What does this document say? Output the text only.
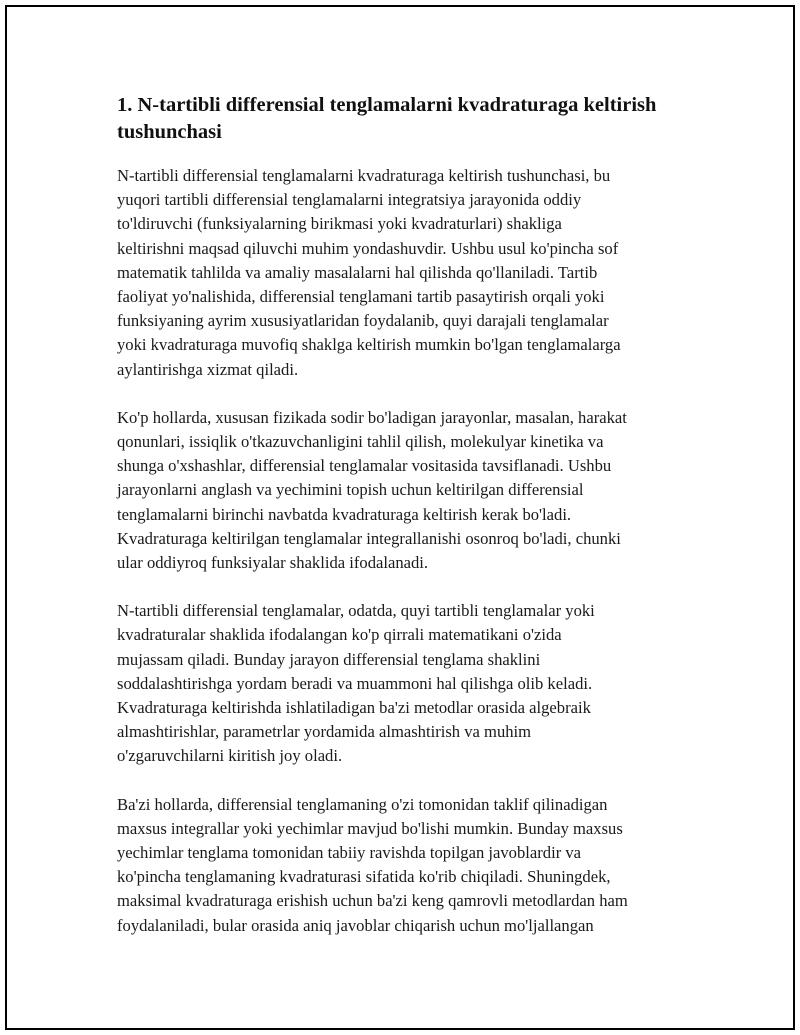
1. N-tartibli differensial tenglamalarni kvadraturaga keltirish tushunchasi

N-tartibli differensial tenglamalarni kvadraturaga keltirish tushunchasi, bu
yuqori tartibli differensial tenglamalarni integratsiya jarayonida oddiy
to'ldiruvchi (funksiyalarning birikmasi yoki kvadraturlari) shakliga
keltirishni maqsad qiluvchi muhim yondashuvdir. Ushbu usul ko'pincha sof
matematik tahlilda va amaliy masalalarni hal qilishda qo'llaniladi. Tartib
faoliyat yo'nalishida, differensial tenglamani tartib pasaytirish orqali yoki
funksiyaning ayrim xususiyatlaridan foydalanib, quyi darajali tenglamalar
yoki kvadraturaga muvofiq shaklga keltirish mumkin bo'lgan tenglamalarga
aylantirishga xizmat qiladi.

Ko'p hollarda, xususan fizikada sodir bo'ladigan jarayonlar, masalan, harakat
qonunlari, issiqlik o'tkazuvchanligini tahlil qilish, molekulyar kinetika va
shunga o'xshashlar, differensial tenglamalar vositasida tavsiflanadi. Ushbu
jarayonlarni anglash va yechimini topish uchun keltirilgan differensial
tenglamalarni birinchi navbatda kvadraturaga keltirish kerak bo'ladi.
Kvadraturaga keltirilgan tenglamalar integrallanishi osonroq bo'ladi, chunki
ular oddiyroq funksiyalar shaklida ifodalanadi.

N-tartibli differensial tenglamalar, odatda, quyi tartibli tenglamalar yoki
kvadraturalar shaklida ifodalangan ko'p qirrali matematikani o'zida
mujassam qiladi. Bunday jarayon differensial tenglama shaklini
soddalashtirishga yordam beradi va muammoni hal qilishga olib keladi.
Kvadraturaga keltirishda ishlatiladigan ba'zi metodlar orasida algebraik
almashtirishlar, parametrlar yordamida almashtirish va muhim
o'zgaruvchilarni kiritish joy oladi.

Ba'zi hollarda, differensial tenglamaning o'zi tomonidan taklif qilinadigan
maxsus integrallar yoki yechimlar mavjud bo'lishi mumkin. Bunday maxsus
yechimlar tenglama tomonidan tabiiy ravishda topilgan javoblardir va
ko'pincha tenglamaning kvadraturasi sifatida ko'rib chiqiladi. Shuningdek,
maksimal kvadraturaga erishish uchun ba'zi keng qamrovli metodlardan ham
foydalaniladi, bular orasida aniq javoblar chiqarish uchun mo'ljallangan
